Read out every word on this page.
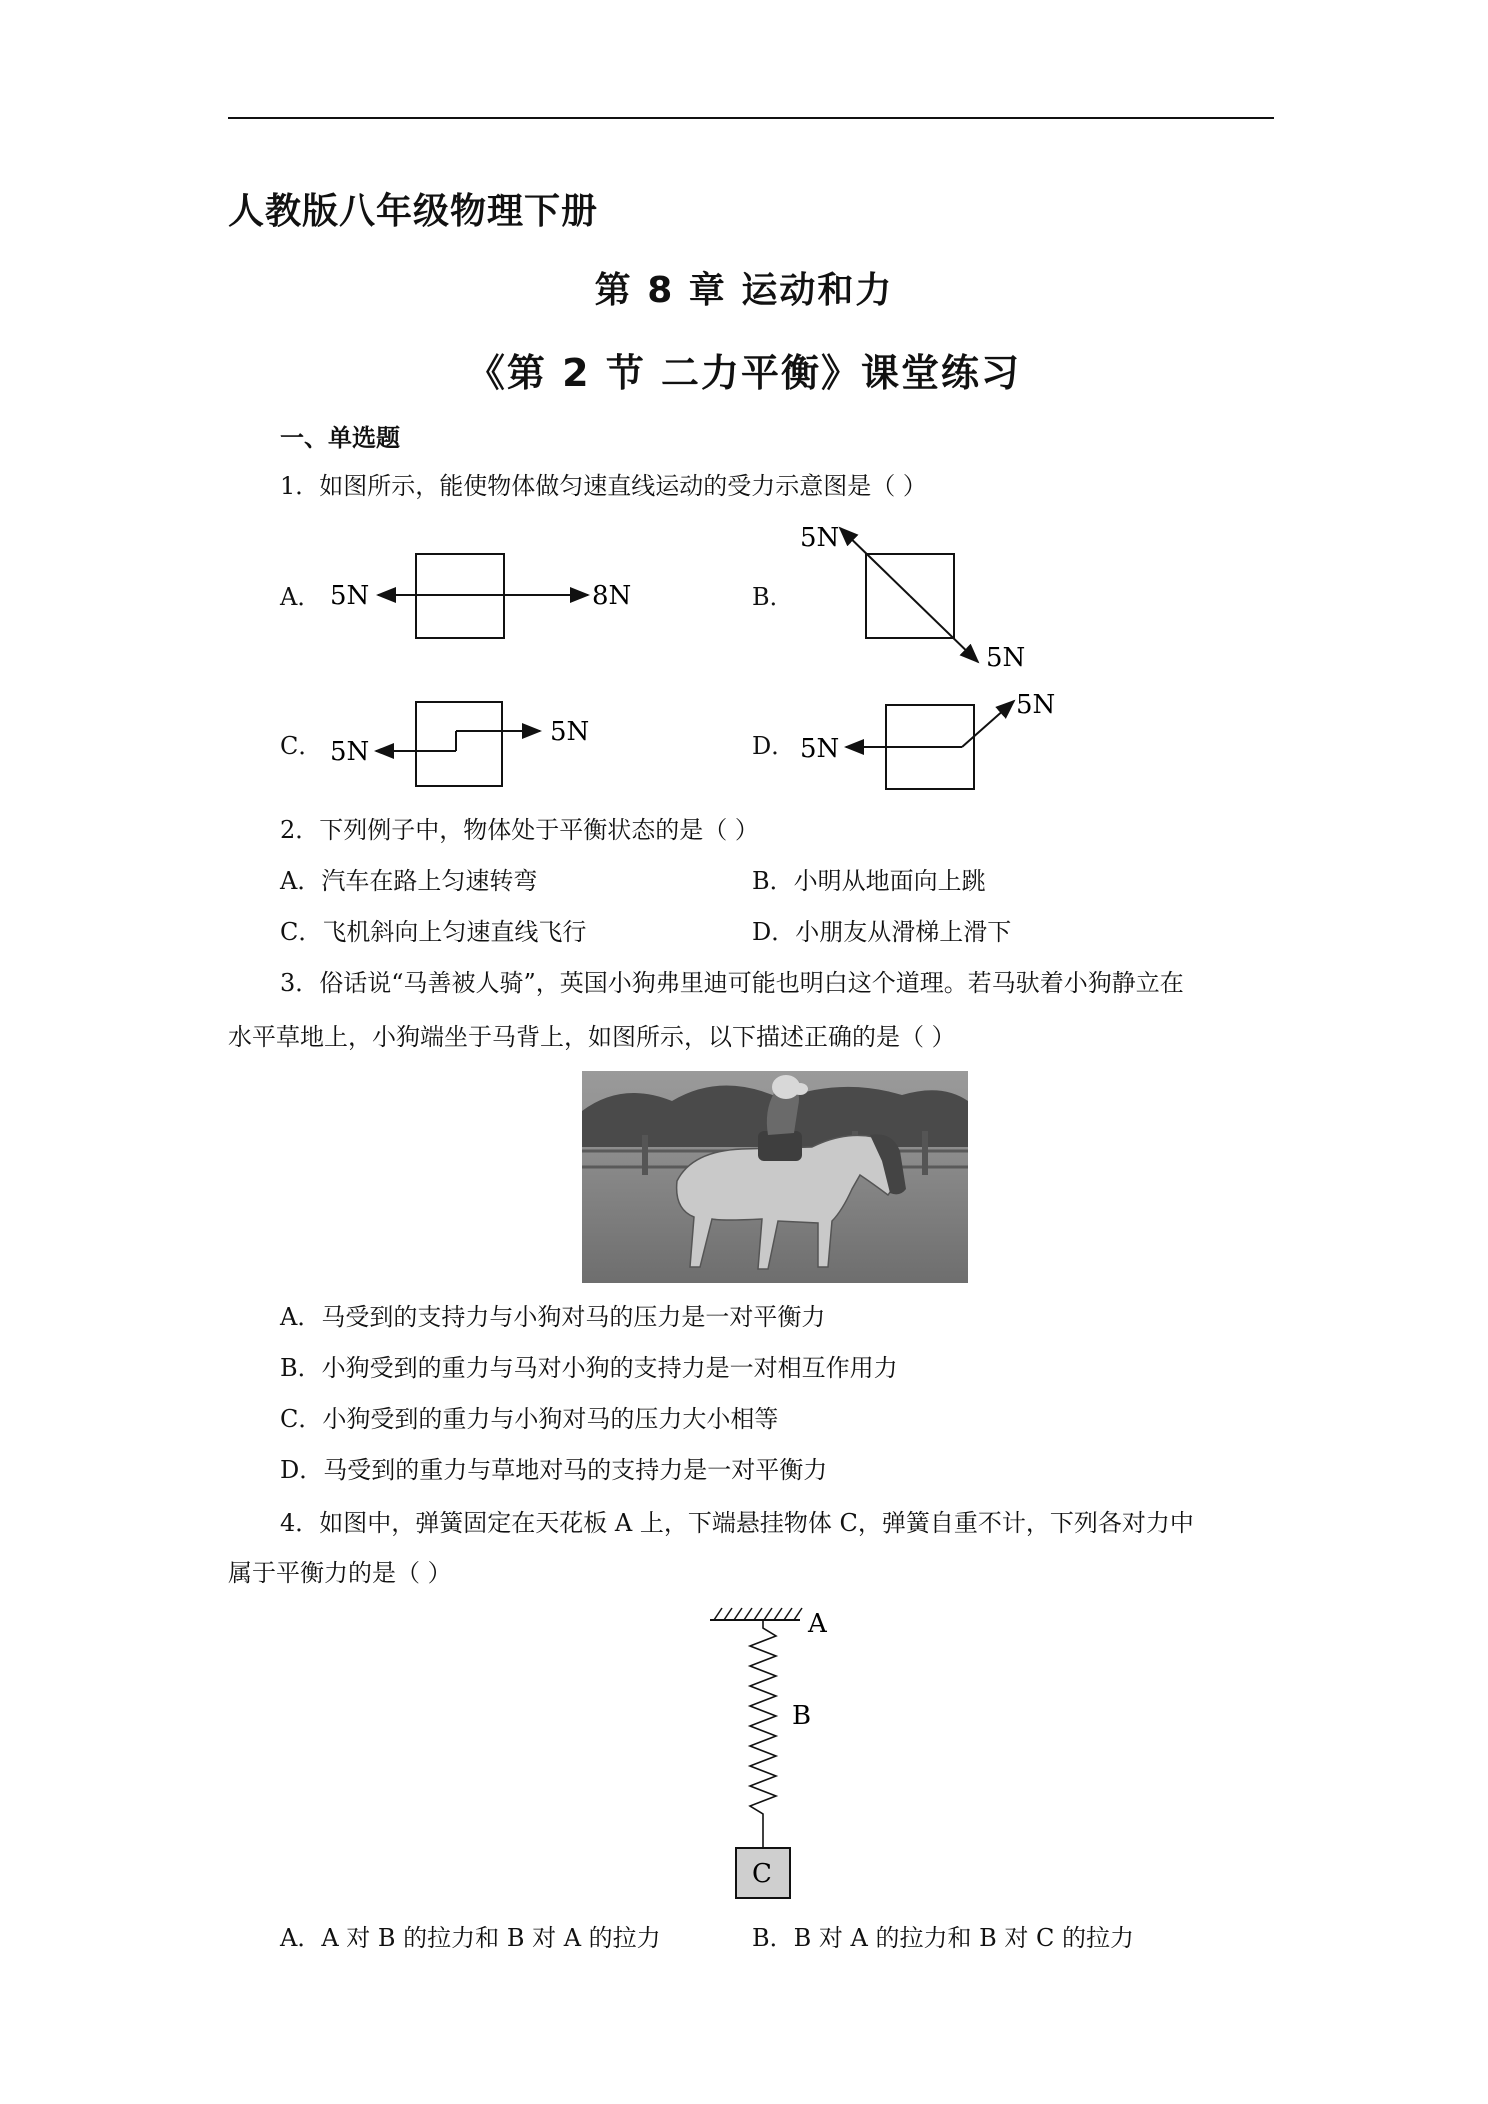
人教版八年级物理下册
第 8 章 运动和力
《第 2 节 二力平衡》课堂练习
一、单选题
1．如图所示，能使物体做匀速直线运动的受力示意图是（ ）
A． 5N	8N	B．
5N
5N
C． 5N
5N	D． 5N
5N
2．下列例子中，物体处于平衡状态的是（ ）
A．汽车在路上匀速转弯	B．小明从地面向上跳
C．飞机斜向上匀速直线飞行	D．小朋友从滑梯上滑下
3．俗话说“马善被人骑”，英国小狗弗里迪可能也明白这个道理。若马驮着小狗静立在
水平草地上，小狗端坐于马背上，如图所示，以下描述正确的是（ ）
A．马受到的支持力与小狗对马的压力是一对平衡力
B．小狗受到的重力与马对小狗的支持力是一对相互作用力
C．小狗受到的重力与小狗对马的压力大小相等
D．马受到的重力与草地对马的支持力是一对平衡力
4．如图中，弹簧固定在天花板 A 上，下端悬挂物体 C，弹簧自重不计，下列各对力中
属于平衡力的是（ ）
A
B
C
A．A 对 B 的拉力和 B 对 A 的拉力	B．B 对 A 的拉力和 B 对 C 的拉力
